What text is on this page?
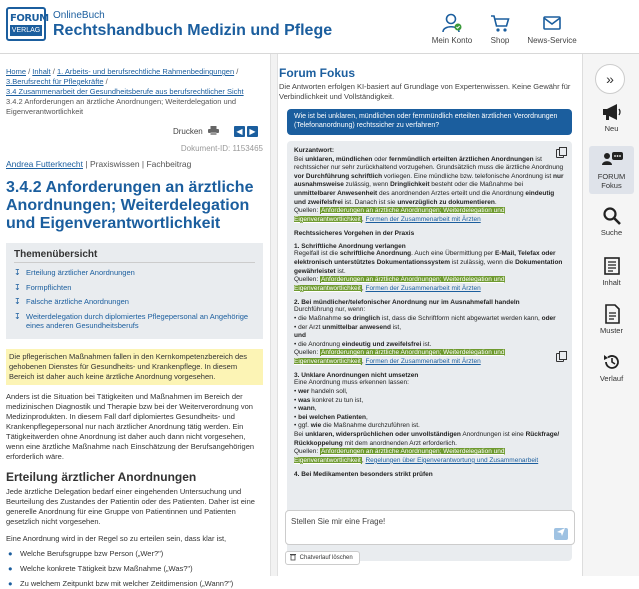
FORUM
VERLAG
OnlineBuch
Rechtshandbuch Medizin und Pflege
Mein Konto	Shop	News-Service
Home / Inhalt / 1. Arbeits- und berufsrechtliche Rahmenbedingungen /
3.Berufsrecht für Pflegekräfte /
3.4 Zusammenarbeit der Gesundheitsberufe aus berufsrechtlicher Sicht
3.4.2 Anforderungen an ärztliche Anordnungen; Weiterdelegation und Eigenverantwortlichkeit
Drucken	◀ ▶
Dokument-ID: 1153465
Andrea Futterknecht | Praxiswissen | Fachbeitrag
3.4.2 Anforderungen an ärztliche Anordnungen; Weiterdelegation und Eigenverantwortlichkeit
Themenübersicht
↧ Erteilung ärztlicher Anordnungen
↧ Formpflichten
↧ Falsche ärztliche Anordnungen
↧ Weiterdelegation durch diplomiertes Pflegepersonal an Angehörige eines anderen Gesundheitsberufs
Die pflegerischen Maßnahmen fallen in den Kernkompetenzbereich des gehobenen Dienstes für Gesundheits- und Krankenpflege. In diesem Bereich ist daher auch keine ärztliche Anordnung vorgesehen.
Anders ist die Situation bei Tätigkeiten und Maßnahmen im Bereich der medizinischen Diagnostik und Therapie bzw bei der Weiterverordnung von Medizinprodukten. In diesem Fall darf diplomiertes Gesundheits- und Krankenpflegepersonal nur nach ärztlicher Anordnung tätig werden. Ein Tätigkeitwerden ohne Anordnung ist daher auch dann nicht vorgesehen, wenn eine ärztliche Maßnahme nach Einschätzung der Berufsangehörigen erforderlich wäre.
Erteilung ärztlicher Anordnungen
Jede ärztliche Delegation bedarf einer eingehenden Untersuchung und Beurteilung des Zustandes der Patientin oder des Patienten. Daher ist eine generelle Anordnung für eine Gruppe von Patientinnen und Patienten gesetzlich nicht vorgesehen.
Eine Anordnung wird in der Regel so zu erteilen sein, dass klar ist,
● Welche Berufsgruppe bzw Person („Wer?")
● Welche konkrete Tätigkeit bzw Maßnahme („Was?")
● Zu welchem Zeitpunkt bzw mit welcher Zeitdimension („Wann?")
Forum Fokus
Die Antworten erfolgen KI-basiert auf Grundlage von Expertenwissen. Keine Gewähr für Verbindlichkeit und Vollständigkeit.
Wie ist bei unklaren, mündlichen oder fernmündlich erteilten ärztlichen Verordnungen (Telefonanordnung) rechtssicher zu verfahren?
Kurzantwort:
Bei unklaren, mündlichen oder fernmündlich erteilten ärztlichen Anordnungen ist rechtssicher nur sehr zurückhaltend vorzugehen. Grundsätzlich muss die ärztliche Anordnung vor Durchführung schriftlich vorliegen. Eine mündliche bzw. telefonische Anordnung ist nur ausnahmsweise zulässig, wenn Dringlichkeit besteht oder die Maßnahme bei unmittelbarer Anwesenheit des anordnenden Arztes erteilt und die Anordnung eindeutig und zweifelsfrei ist. Danach ist sie unverzüglich zu dokumentieren.
Quellen: Anforderungen an ärztliche Anordnungen; Weiterdelegation und Eigenverantwortlichkeit, Formen der Zusammenarbeit mit Ärzten
Rechtssicheres Vorgehen in der Praxis
1. Schriftliche Anordnung verlangen
Regelfall ist die schriftliche Anordnung. Auch eine Übermittlung per E-Mail, Telefax oder elektronisch unterstütztes Dokumentationssystem ist zulässig, wenn die Dokumentation gewährleistet ist.
Quellen: Anforderungen an ärztliche Anordnungen; Weiterdelegation und Eigenverantwortlichkeit, Formen der Zusammenarbeit mit Ärzten
2. Bei mündlicher/telefonischer Anordnung nur im Ausnahmefall handeln
Durchführung nur, wenn:
• die Maßnahme so dringlich ist, dass die Schriftform nicht abgewartet werden kann, oder
• der Arzt unmittelbar anwesend ist,
und
• die Anordnung eindeutig und zweifelsfrei ist.
Quellen: Anforderungen an ärztliche Anordnungen; Weiterdelegation und Eigenverantwortlichkeit, Formen der Zusammenarbeit mit Ärzten
3. Unklare Anordnungen nicht umsetzen
Eine Anordnung muss erkennen lassen:
• wer handeln soll,
• was konkret zu tun ist,
• wann,
• bei welchen Patienten,
• ggf. wie die Maßnahme durchzuführen ist.
Bei unklaren, widersprüchlichen oder unvollständigen Anordnungen ist eine Rückfrage/ Rückkoppelung mit dem anordnenden Arzt erforderlich.
Quellen: Anforderungen an ärztliche Anordnungen; Weiterdelegation und Eigenverantwortlichkeit, Regelungen über Eigenverantwortung und Zusammenarbeit
4. Bei Medikamenten besonders strikt prüfen
Stellen Sie mir eine Frage!
Chatverlauf löschen
»
Neu
FORUM Fokus
Suche
Inhalt
Muster
Verlauf
